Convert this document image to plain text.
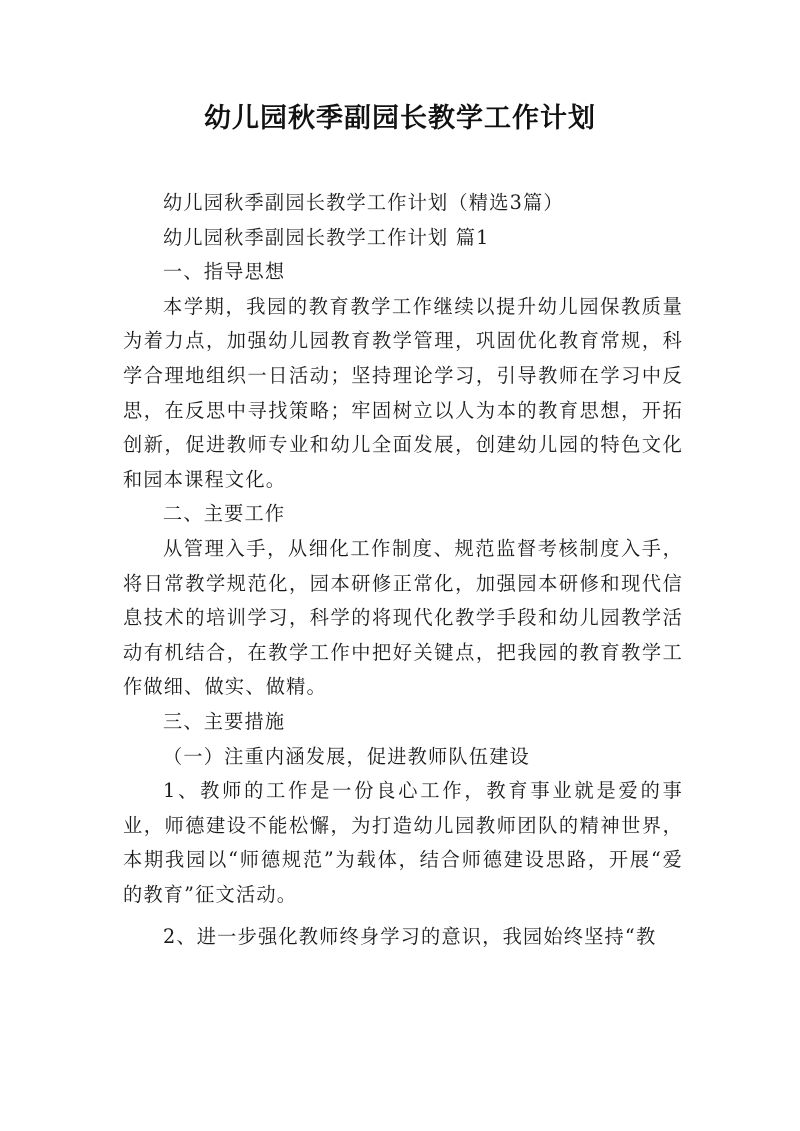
幼儿园秋季副园长教学工作计划

幼儿园秋季副园长教学工作计划（精选3篇）

幼儿园秋季副园长教学工作计划 篇1

一、指导思想

本学期，我园的教育教学工作继续以提升幼儿园保教质量为着力点，加强幼儿园教育教学管理，巩固优化教育常规，科学合理地组织一日活动；坚持理论学习，引导教师在学习中反思，在反思中寻找策略；牢固树立以人为本的教育思想，开拓创新，促进教师专业和幼儿全面发展，创建幼儿园的特色文化和园本课程文化。

二、主要工作

从管理入手，从细化工作制度、规范监督考核制度入手，将日常教学规范化，园本研修正常化，加强园本研修和现代信息技术的培训学习，科学的将现代化教学手段和幼儿园教学活动有机结合，在教学工作中把好关键点，把我园的教育教学工作做细、做实、做精。

三、主要措施

（一）注重内涵发展，促进教师队伍建设

1、教师的工作是一份良心工作，教育事业就是爱的事业，师德建设不能松懈，为打造幼儿园教师团队的精神世界，本期我园以“师德规范”为载体，结合师德建设思路，开展“爱的教育”征文活动。

2、进一步强化教师终身学习的意识，我园始终坚持“教
